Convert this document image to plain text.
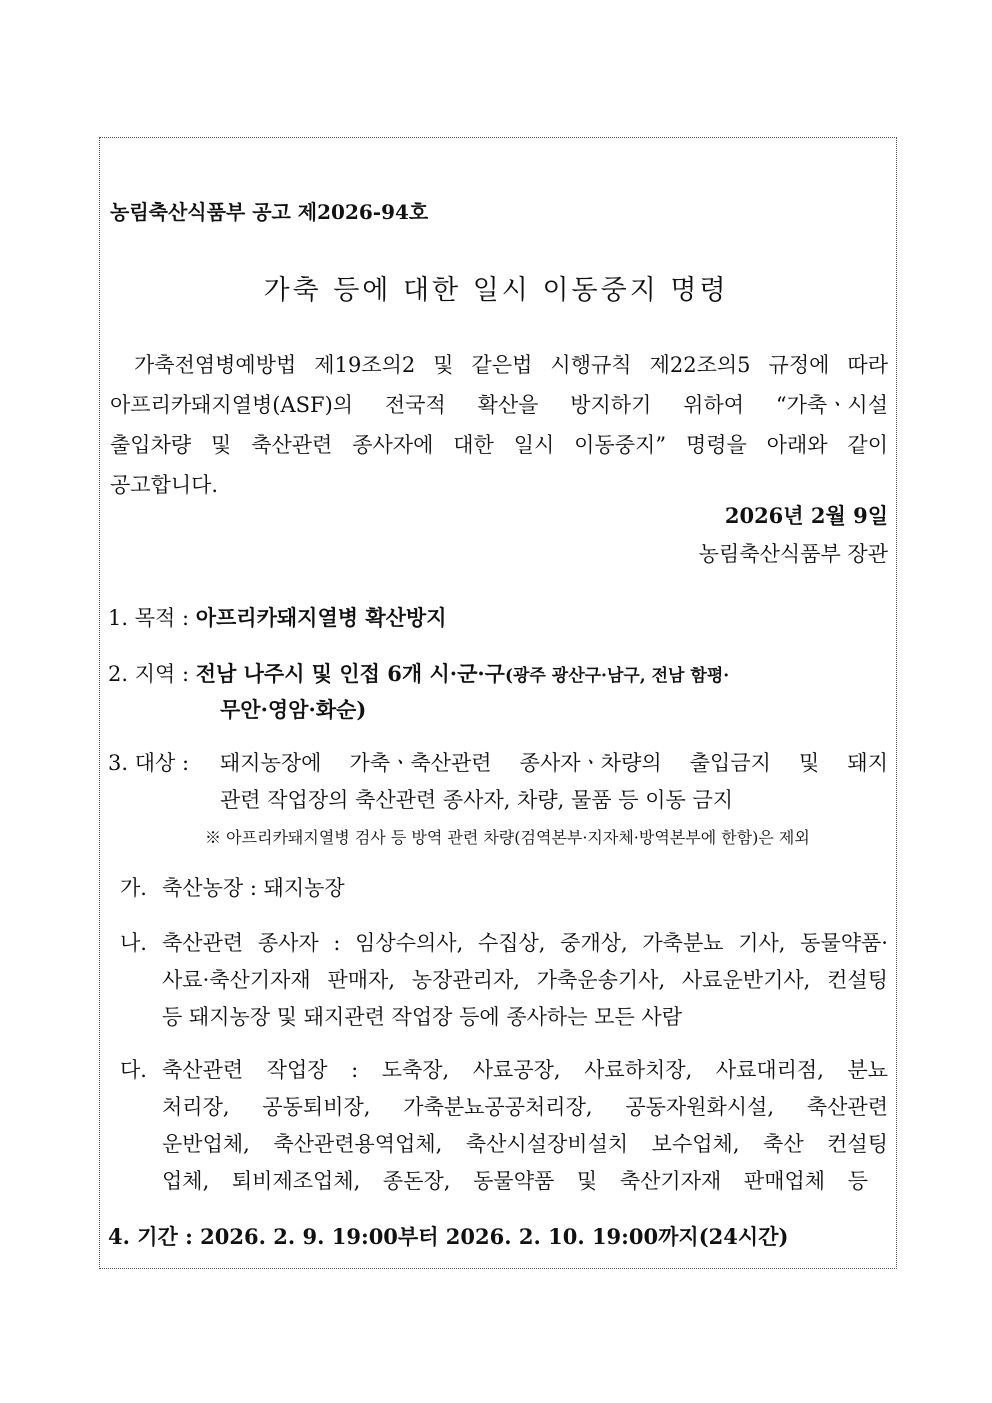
농림축산식품부 공고 제2026-94호
가축 등에 대한 일시 이동중지 명령
가축전염병예방법 제19조의2 및 같은법 시행규칙 제22조의5 규정에 따라
아프리카돼지열병(ASF)의 전국적 확산을 방지하기 위하여 “가축ㆍ시설
출입차량 및 축산관련 종사자에 대한 일시 이동중지” 명령을 아래와 같이
공고합니다.
2026년 2월 9일
농림축산식품부 장관
1. 목적 : 아프리카돼지열병 확산방지
2. 지역 : 전남 나주시 및 인접 6개 시·군·구(광주 광산구·남구, 전남 함평·
무안·영암·화순)
3. 대상 : 돼지농장에 가축ㆍ축산관련 종사자ㆍ차량의 출입금지 및 돼지
관련 작업장의 축산관련 종사자, 차량, 물품 등 이동 금지
※ 아프리카돼지열병 검사 등 방역 관련 차량(검역본부·지자체·방역본부에 한함)은 제외
가. 축산농장 : 돼지농장
나. 축산관련 종사자 : 임상수의사, 수집상, 중개상, 가축분뇨 기사, 동물약품·
사료·축산기자재 판매자, 농장관리자, 가축운송기사, 사료운반기사, 컨설팅
등 돼지농장 및 돼지관련 작업장 등에 종사하는 모든 사람
다. 축산관련 작업장 : 도축장, 사료공장, 사료하치장, 사료대리점, 분뇨
처리장, 공동퇴비장, 가축분뇨공공처리장, 공동자원화시설, 축산관련
운반업체, 축산관련용역업체, 축산시설장비설치 보수업체, 축산 컨설팅
업체, 퇴비제조업체, 종돈장, 동물약품 및 축산기자재 판매업체 등
4. 기간 : 2026. 2. 9. 19:00부터 2026. 2. 10. 19:00까지(24시간)
